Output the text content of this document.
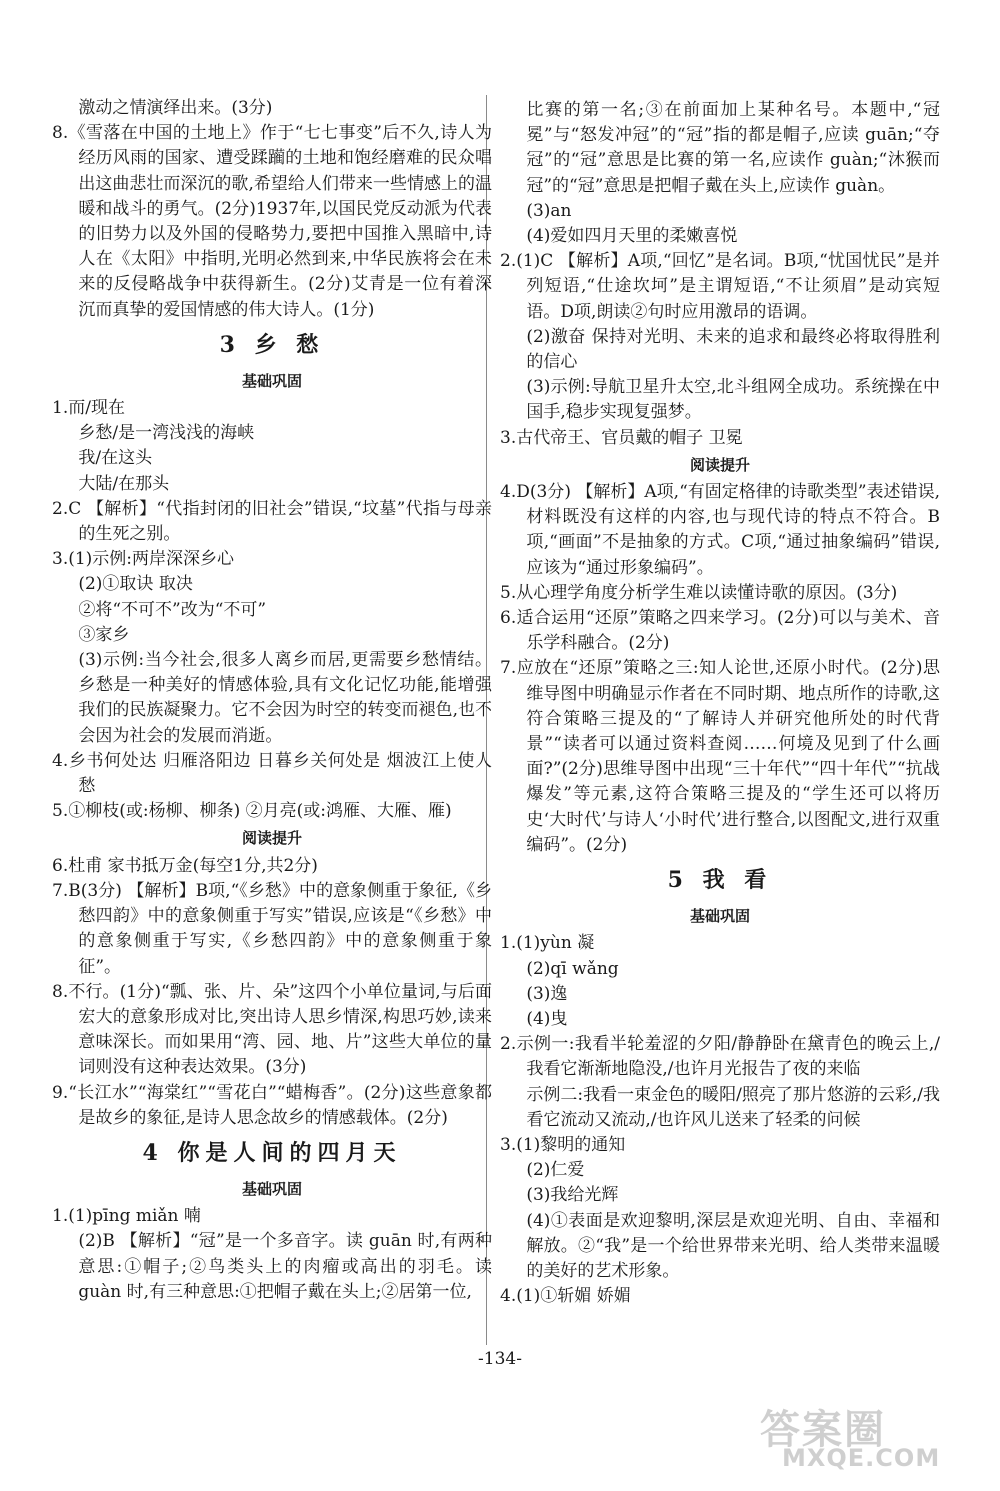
激动之情演绎出来。(3分)

8.《雪落在中国的土地上》作于“七七事变”后不久,诗人为经历风雨的国家、遭受蹂躏的土地和饱经磨难的民众唱出这曲悲壮而深沉的歌,希望给人们带来一些情感上的温暖和战斗的勇气。(2分)1937年,以国民党反动派为代表的旧势力以及外国的侵略势力,要把中国推入黑暗中,诗人在《太阳》中指明,光明必然到来,中华民族将会在未来的反侵略战争中获得新生。(2分)艾青是一位有着深沉而真挚的爱国情感的伟大诗人。(1分)

3 乡 愁
基础巩固

1.而/现在

乡愁/是一湾浅浅的海峡

我/在这头

大陆/在那头

2.C 【解析】“代指封闭的旧社会”错误,“坟墓”代指与母亲的生死之别。

3.(1)示例:两岸深深乡心

(2)①取诀 取决

②将“不可不”改为“不可”

③家乡

(3)示例:当今社会,很多人离乡而居,更需要乡愁情结。乡愁是一种美好的情感体验,具有文化记忆功能,能增强我们的民族凝聚力。它不会因为时空的转变而褪色,也不会因为社会的发展而消逝。

4.乡书何处达 归雁洛阳边 日暮乡关何处是 烟波江上使人愁

5.①柳枝(或:杨柳、柳条) ②月亮(或:鸿雁、大雁、雁)

阅读提升

6.杜甫 家书抵万金(每空1分,共2分)

7.B(3分) 【解析】B项,“《乡愁》中的意象侧重于象征,《乡愁四韵》中的意象侧重于写实”错误,应该是“《乡愁》中的意象侧重于写实,《乡愁四韵》中的意象侧重于象征”。

8.不行。(1分)“瓢、张、片、朵”这四个小单位量词,与后面宏大的意象形成对比,突出诗人思乡情深,构思巧妙,读来意味深长。而如果用“湾、园、地、片”这些大单位的量词则没有这种表达效果。(3分)

9.“长江水”“海棠红”“雪花白”“蜡梅香”。(2分)这些意象都是故乡的象征,是诗人思念故乡的情感载体。(2分)

4 你是人间的四月天
基础巩固

1.(1)pīng miǎn 喃

(2)B 【解析】“冠”是一个多音字。读 guān 时,有两种意思:①帽子;②鸟类头上的肉瘤或高出的羽毛。读 guàn 时,有三种意思:①把帽子戴在头上;②居第一位,

比赛的第一名;③在前面加上某种名号。本题中,“冠冕”与“怒发冲冠”的“冠”指的都是帽子,应读 guān;“夺冠”的“冠”意思是比赛的第一名,应读作 guàn;“沐猴而冠”的“冠”意思是把帽子戴在头上,应读作 guàn。

(3)an

(4)爱如四月天里的柔嫩喜悦

2.(1)C 【解析】A项,“回忆”是名词。B项,“忧国忧民”是并列短语,“仕途坎坷”是主谓短语,“不让须眉”是动宾短语。D项,朗读②句时应用激昂的语调。

(2)激奋 保持对光明、未来的追求和最终必将取得胜利的信心

(3)示例:导航卫星升太空,北斗组网全成功。系统操在中国手,稳步实现复强梦。

3.古代帝王、官员戴的帽子 卫冕

阅读提升

4.D(3分) 【解析】A项,“有固定格律的诗歌类型”表述错误,材料既没有这样的内容,也与现代诗的特点不符合。B项,“画面”不是抽象的方式。C项,“通过抽象编码”错误,应该为“通过形象编码”。

5.从心理学角度分析学生难以读懂诗歌的原因。(3分)

6.适合运用“还原”策略之四来学习。(2分)可以与美术、音乐学科融合。(2分)

7.应放在“还原”策略之三:知人论世,还原小时代。(2分)思维导图中明确显示作者在不同时期、地点所作的诗歌,这符合策略三提及的“了解诗人并研究他所处的时代背景”“读者可以通过资料查阅……何境及见到了什么画面?”(2分)思维导图中出现“三十年代”“四十年代”“抗战爆发”等元素,这符合策略三提及的“学生还可以将历史‘大时代’与诗人‘小时代’进行整合,以图配文,进行双重编码”。(2分)

5 我 看
基础巩固

1.(1)yùn 凝

(2)qī wǎng

(3)逸

(4)曳

2.示例一:我看半轮羞涩的夕阳/静静卧在黛青色的晚云上,/我看它渐渐地隐没,/也许月光报告了夜的来临

示例二:我看一束金色的暖阳/照亮了那片悠游的云彩,/我看它流动又流动,/也许风儿送来了轻柔的问候

3.(1)黎明的通知

(2)仁爱

(3)我给光辉

(4)①表面是欢迎黎明,深层是欢迎光明、自由、幸福和解放。②“我”是一个给世界带来光明、给人类带来温暖的美好的艺术形象。

4.(1)①斩媚 娇媚

-134-
答案圈
MXQE.COM
